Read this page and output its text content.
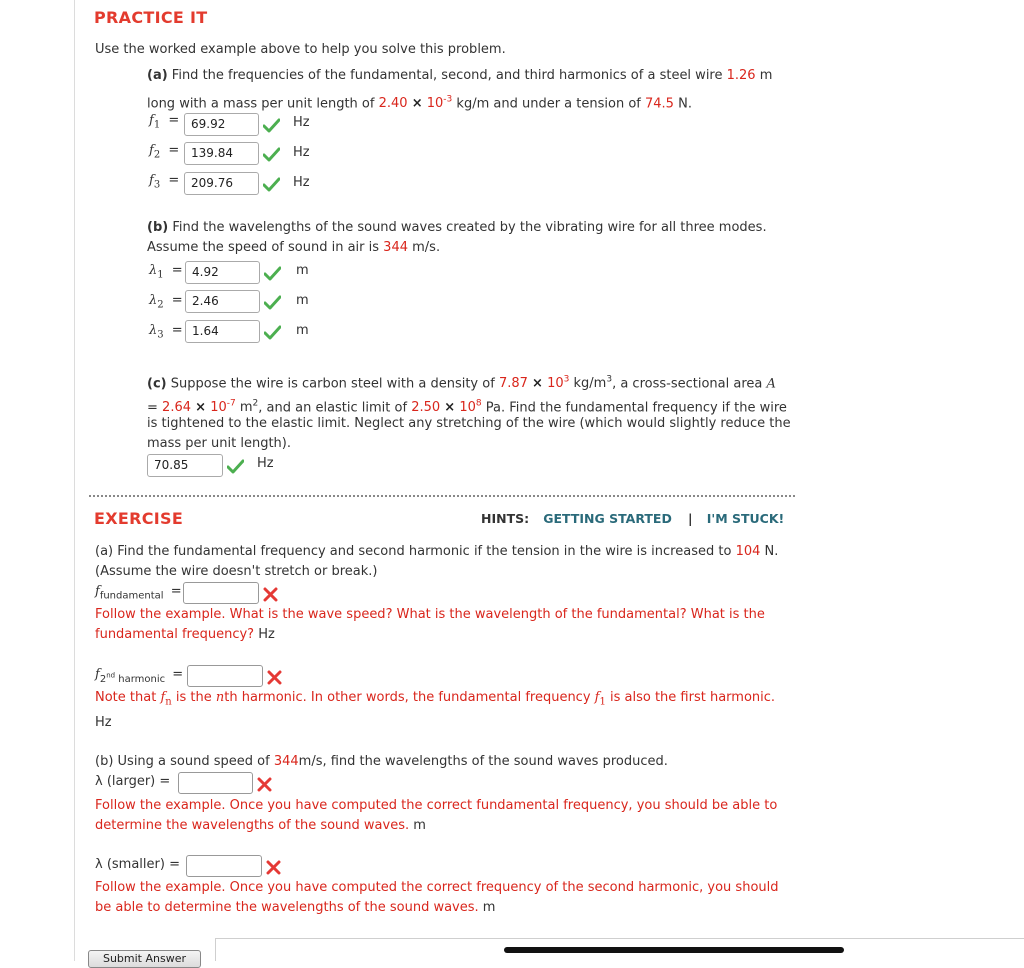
PRACTICE IT
Use the worked example above to help you solve this problem.
(a) Find the frequencies of the fundamental, second, and third harmonics of a steel wire 1.26 m
long with a mass per unit length of $2.40 \times 10^{-3}$ kg/m and under a tension of 74.5 N.
$f_1 = 69.92$	Hz
$f_2 = 139.84$	Hz
$f_3 = 209.76$	Hz
(b) Find the wavelengths of the sound waves created by the vibrating wire for all three modes.
Assume the speed of sound in air is 344 m/s.
$\lambda_1 = 4.92$	m
$\lambda_2 = 2.46$	m
$\lambda_3 = 1.64$	m
(c) Suppose the wire is carbon steel with a density of $7.87 \times 10^3$ $kg/m^3$, a cross-sectional area A
= $2.64 \times 10^{-7}$ $m^2$, and an elastic limit of $2.50 \times 10^8$ Pa. Find the fundamental frequency if the wire
is tightened to the elastic limit. Neglect any stretching of the wire (which would slightly reduce the
mass per unit length).
70.85	Hz
EXERCISE	HINTS: GETTING STARTED | I'M STUCK!
(a) Find the fundamental frequency and second harmonic if the tension in the wire is increased to 104 N.
(Assume the wire doesn't stretch or break.)
$f_{fundamental}$ =
Follow the example. What is the wave speed? What is the wavelength of the fundamental? What is the
fundamental frequency? Hz
$f_{2^{nd} harmonic}$ =
Note that $f_n$ is the nth harmonic. In other words, the fundamental frequency $f_1$ is also the first harmonic.
Hz
(b) Using a sound speed of 344m/s, find the wavelengths of the sound waves produced.
λ (larger) =
Follow the example. Once you have computed the correct fundamental frequency, you should be able to
determine the wavelengths of the sound waves. m
λ (smaller) =
Follow the example. Once you have computed the correct frequency of the second harmonic, you should
be able to determine the wavelengths of the sound waves. m
Submit Answer
